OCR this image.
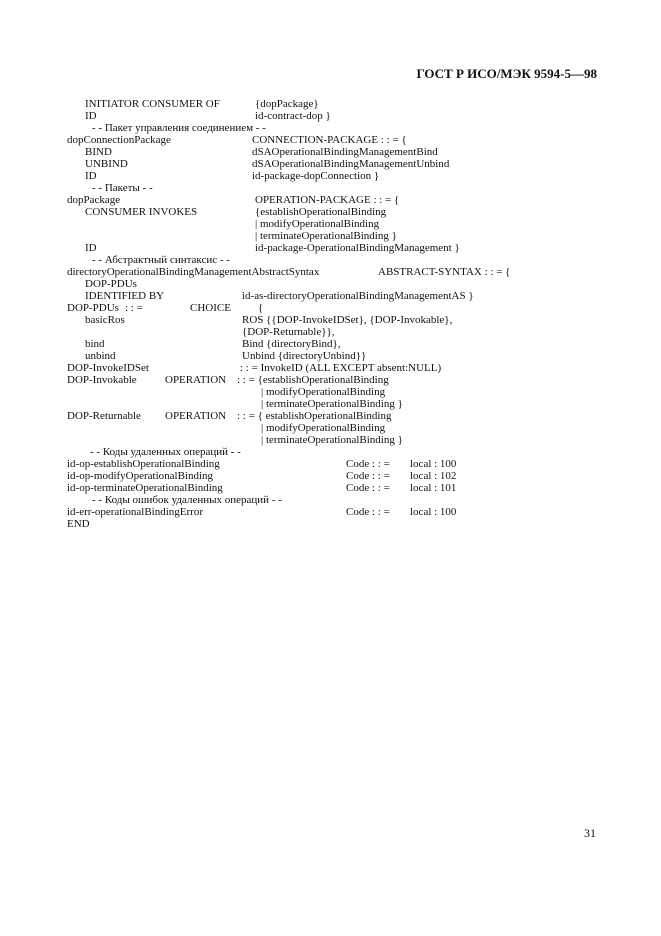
ГОСТ Р ИСО/МЭК 9594-5—98
INITIATOR CONSUMER OF	{dopPackage}
ID	id-contract-dop }
- - Пакет управления соединением - -
dopConnectionPackage	CONNECTION-PACKAGE : : = {
BIND	dSAOperationalBindingManagementBind
UNBIND	dSAOperationalBindingManagementUnbind
ID	id-package-dopConnection }
- - Пакеты - -
dopPackage	OPERATION-PACKAGE : : = {
CONSUMER INVOKES	{establishOperationalBinding
| modifyOperationalBinding
| terminateOperationalBinding }
ID	id-package-OperationalBindingManagement }
- - Абстрактный синтаксис - -
directoryOperationalBindingManagementAbstractSyntax	ABSTRACT-SYNTAX : : = {
DOP-PDUs
IDENTIFIED BY	id-as-directoryOperationalBindingManagementAS }
DOP-PDUs : : =	CHOICE {
basicRos	ROS {{DOP-InvokeIDSet}, {DOP-Invokable},
{DOP-Returnable}},
bind	Bind {directoryBind},
unbind	Unbind {directoryUnbind}}
DOP-InvokeIDSet	: : = InvokeID (ALL EXCEPT absent:NULL)
DOP-Invokable	OPERATION : : = {establishOperationalBinding
| modifyOperationalBinding
| terminateOperationalBinding }
DOP-Returnable OPERATION : : = { establishOperationalBinding
| modifyOperationalBinding
| terminateOperationalBinding }
- - Коды удаленных операций - -
id-op-establishOperationalBinding	Code : : = local : 100
id-op-modifyOperationalBinding	Code : : = local : 102
id-op-terminateOperationalBinding	Code : : = local : 101
- - Коды ошибок удаленных операций - -
id-err-operationalBindingError	Code : : = local : 100
END
31
